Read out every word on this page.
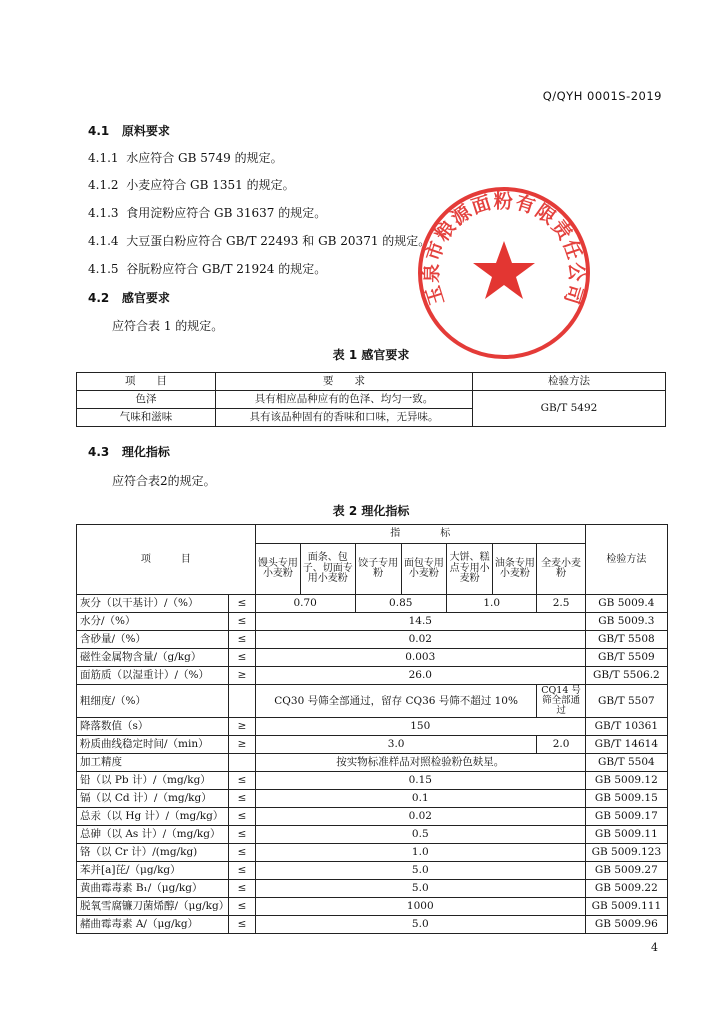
Q/QYH 0001S-2019
4.1 原料要求
4.1.1 水应符合 GB 5749 的规定。
4.1.2 小麦应符合 GB 1351 的规定。
4.1.3 食用淀粉应符合 GB 31637 的规定。
4.1.4 大豆蛋白粉应符合 GB/T 22493 和 GB 20371 的规定。
4.1.5 谷朊粉应符合 GB/T 21924 的规定。
4.2 感官要求
应符合表 1 的规定。
表 1 感官要求
项　　目	要　　求	检验方法
色泽	具有相应品种应有的色泽、均匀一致。	GB/T 5492
气味和滋味	具有该品种固有的香味和口味，无异味。	
4.3 理化指标
应符合表2的规定。
表 2 理化指标
项　　　目		指　　　　标							检验方法
		馒头专用小麦粉	面条、包子、切面专用小麦粉	饺子专用粉	面包专用小麦粉	大饼、糕点专用小麦粉	油条专用小麦粉	全麦小麦粉	
灰分（以干基计）/（%）	≤	0.70		0.85		1.0		2.5	GB 5009.4
水分/（%）	≤	14.5							GB 5009.3
含砂量/（%）	≤	0.02							GB/T 5508
磁性金属物含量/（g/kg）	≤	0.003							GB/T 5509
面筋质（以湿重计）/（%）	≥	26.0							GB/T 5506.2
粗细度/（%）		CQ30 号筛全部通过，留存 CQ36 号筛不超过 10%						CQ14 号筛全部通过	GB/T 5507
降落数值（s）	≥	150							GB/T 10361
粉质曲线稳定时间/（min）	≥	3.0						2.0	GB/T 14614
加工精度		按实物标准样品对照检验粉色麸星。							GB/T 5504
铅（以 Pb 计）/（mg/kg）	≤	0.15							GB 5009.12
镉（以 Cd 计）/（mg/kg）	≤	0.1							GB 5009.15
总汞（以 Hg 计）/（mg/kg）	≤	0.02							GB 5009.17
总砷（以 As 计）/（mg/kg）	≤	0.5							GB 5009.11
铬（以 Cr 计）/(mg/kg)	≤	1.0							GB 5009.123
苯并[a]芘/（μg/kg）	≤	5.0							GB 5009.27
黄曲霉毒素 B₁/（μg/kg）	≤	5.0							GB 5009.22
脱氧雪腐镰刀菌烯醇/（μg/kg）	≤	1000							GB 5009.111
赭曲霉毒素 A/（μg/kg）	≤	5.0							GB 5009.96
玉泉市粮源面粉有限责任公司
4
